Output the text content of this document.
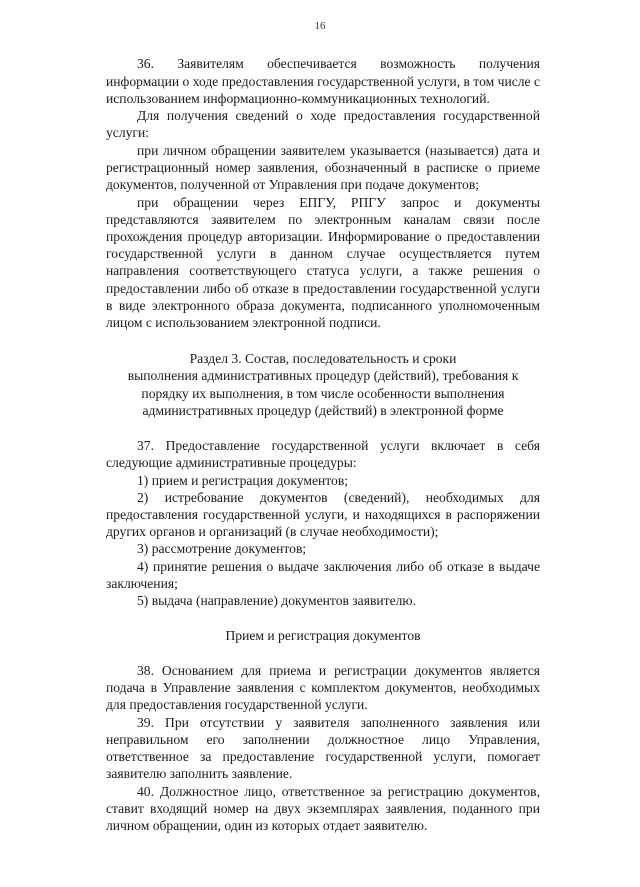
16
36. Заявителям обеспечивается возможность получения
информации о ходе предоставления государственной услуги, в том числе с
использованием информационно-коммуникационных технологий.
Для получения сведений о ходе предоставления государственной
услуги:
при личном обращении заявителем указывается (называется) дата и
регистрационный номер заявления, обозначенный в расписке о приеме
документов, полученной от Управления при подаче документов;
при обращении через ЕПГУ, РПГУ запрос и документы
представляются заявителем по электронным каналам связи после
прохождения процедур авторизации. Информирование о предоставлении
государственной услуги в данном случае осуществляется путем
направления соответствующего статуса услуги, а также решения о
предоставлении либо об отказе в предоставлении государственной услуги
в виде электронного образа документа, подписанного уполномоченным
лицом с использованием электронной подписи.
Раздел 3. Состав, последовательность и сроки
выполнения административных процедур (действий), требования к
порядку их выполнения, в том числе особенности выполнения
административных процедур (действий) в электронной форме
37. Предоставление государственной услуги включает в себя
следующие административные процедуры:
1) прием и регистрация документов;
2) истребование документов (сведений), необходимых для
предоставления государственной услуги, и находящихся в распоряжении
других органов и организаций (в случае необходимости);
3) рассмотрение документов;
4) принятие решения о выдаче заключения либо об отказе в выдаче
заключения;
5) выдача (направление) документов заявителю.
Прием и регистрация документов
38. Основанием для приема и регистрации документов является
подача в Управление заявления с комплектом документов, необходимых
для предоставления государственной услуги.
39. При отсутствии у заявителя заполненного заявления или
неправильном его заполнении должностное лицо Управления,
ответственное за предоставление государственной услуги, помогает
заявителю заполнить заявление.
40. Должностное лицо, ответственное за регистрацию документов,
ставит входящий номер на двух экземплярах заявления, поданного при
личном обращении, один из которых отдает заявителю.
